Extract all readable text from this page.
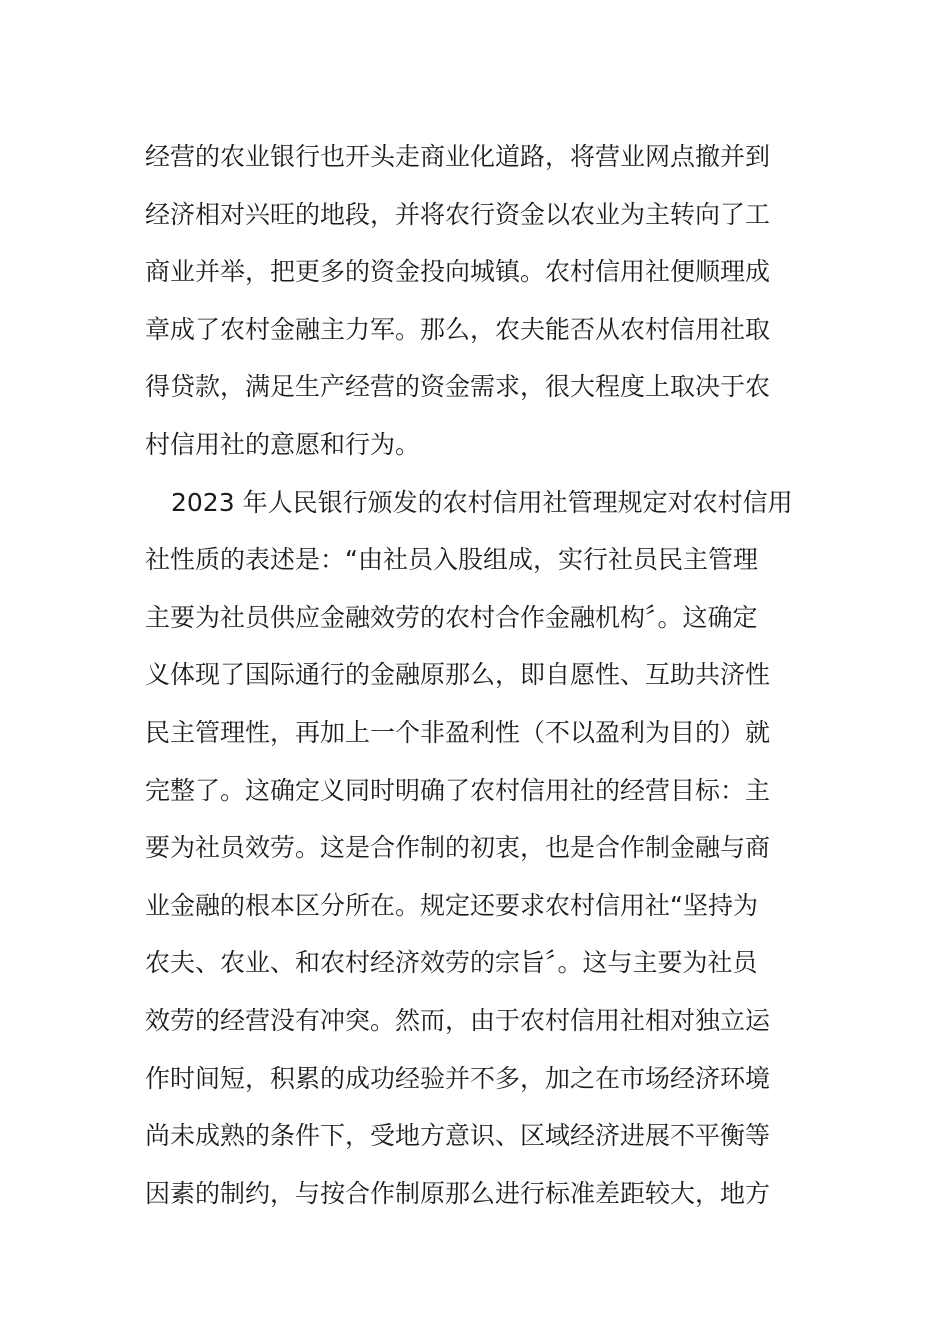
经营的农业银行也开头走商业化道路，将营业网点撤并到
经济相对兴旺的地段，并将农行资金以农业为主转向了工
商业并举，把更多的资金投向城镇。农村信用社便顺理成
章成了农村金融主力军。那么，农夫能否从农村信用社取
得贷款，满足生产经营的资金需求，很大程度上取决于农
村信用社的意愿和行为。
2023 年人民银行颁发的农村信用社管理规定对农村信用
社性质的表述是：“由社员入股组成，实行社员民主管理
主要为社员供应金融效劳的农村合作金融机构〞。这确定
义体现了国际通行的金融原那么，即自愿性、互助共济性
民主管理性，再加上一个非盈利性（不以盈利为目的）就
完整了。这确定义同时明确了农村信用社的经营目标：主
要为社员效劳。这是合作制的初衷，也是合作制金融与商
业金融的根本区分所在。规定还要求农村信用社“坚持为
农夫、农业、和农村经济效劳的宗旨〞。这与主要为社员
效劳的经营没有冲突。然而，由于农村信用社相对独立运
作时间短，积累的成功经验并不多，加之在市场经济环境
尚未成熟的条件下，受地方意识、区域经济进展不平衡等
因素的制约，与按合作制原那么进行标准差距较大，地方
